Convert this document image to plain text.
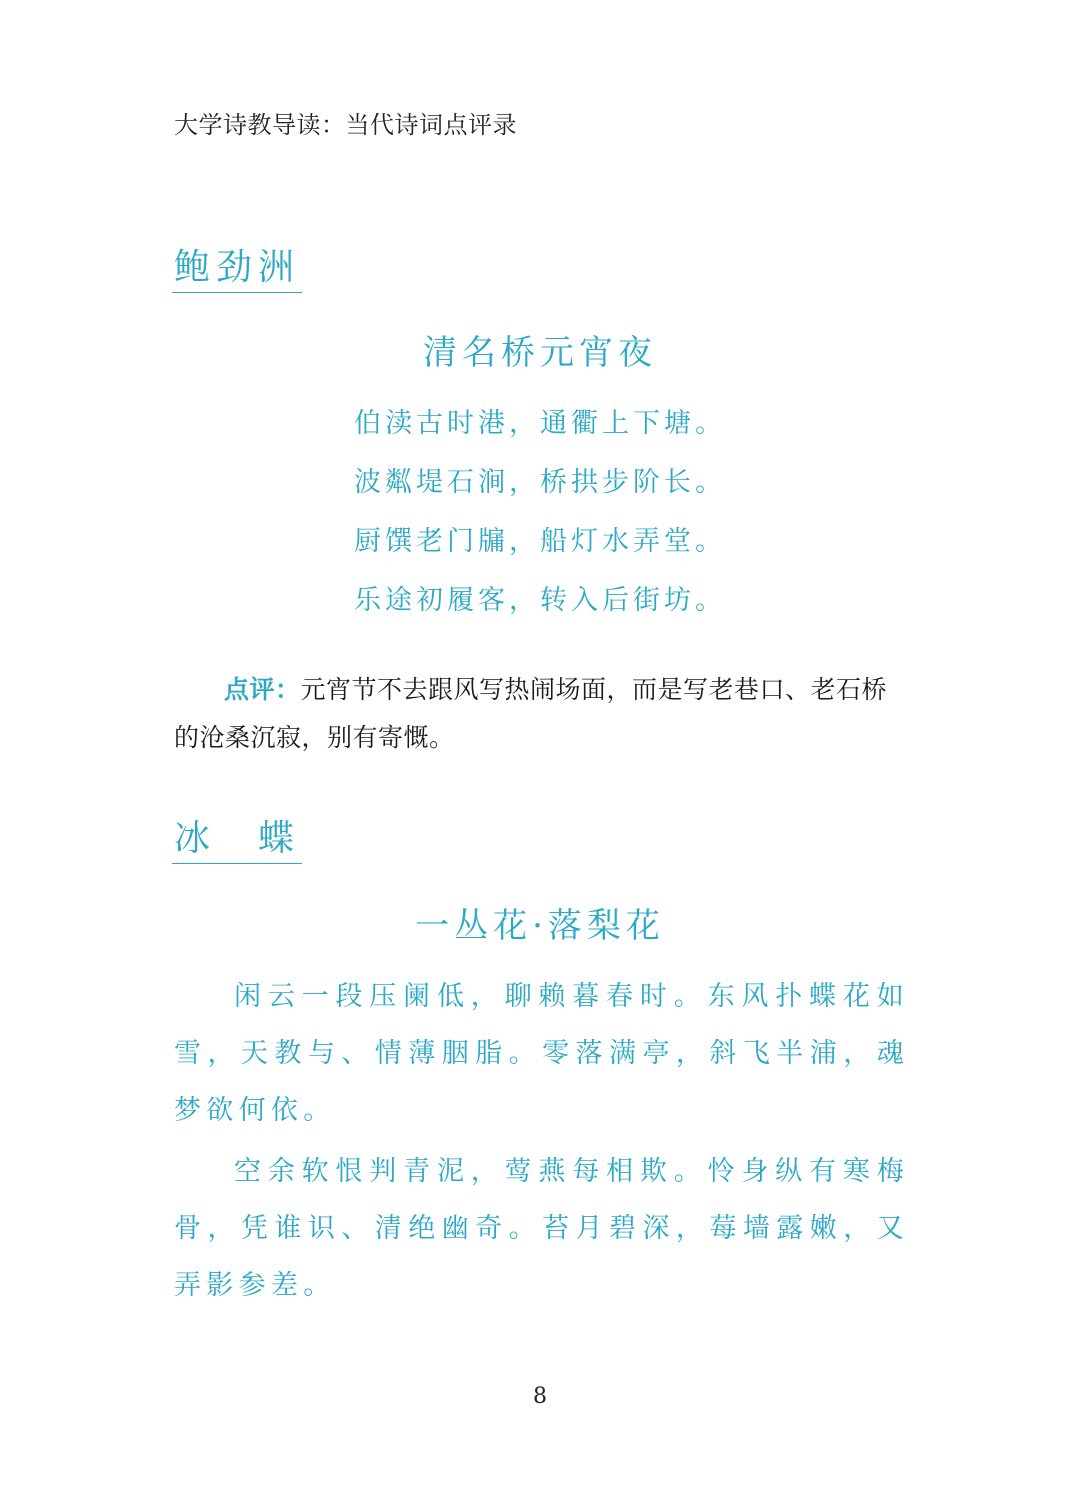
大学诗教导读：当代诗词点评录
鲍劲洲
清名桥元宵夜
伯渎古时港，通衢上下塘。
波粼堤石涧，桥拱步阶长。
厨馔老门牖，船灯水弄堂。
乐途初履客，转入后街坊。
点评：元宵节不去跟风写热闹场面，而是写老巷口、老石桥的沧桑沉寂，别有寄慨。
冰　蝶
一丛花·落梨花
闲云一段压阑低，聊赖暮春时。东风扑蝶花如雪，天教与、情薄胭脂。零落满亭，斜飞半浦，魂梦欲何依。
空余软恨判青泥，莺燕每相欺。怜身纵有寒梅骨，凭谁识、清绝幽奇。苔月碧深，莓墙露嫩，又弄影参差。
8
